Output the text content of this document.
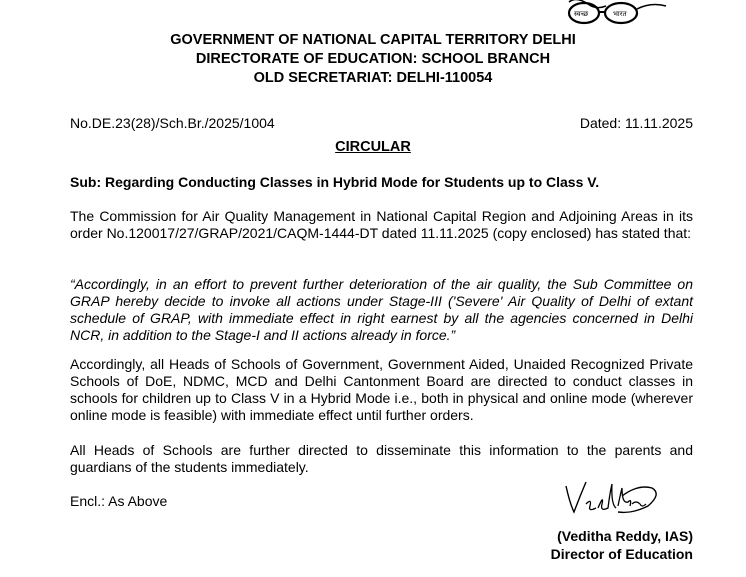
स्वच्छ	भारत
GOVERNMENT OF NATIONAL CAPITAL TERRITORY DELHI
DIRECTORATE OF EDUCATION: SCHOOL BRANCH
OLD SECRETARIAT: DELHI-110054
No.DE.23(28)/Sch.Br./2025/1004	Dated: 11.11.2025
CIRCULAR
Sub: Regarding Conducting Classes in Hybrid Mode for Students up to Class V.
The Commission for Air Quality Management in National Capital Region and Adjoining Areas in its order No.120017/27/GRAP/2021/CAQM-1444-DT dated 11.11.2025 (copy enclosed) has stated that:
“Accordingly, in an effort to prevent further deterioration of the air quality, the Sub Committee on GRAP hereby decide to invoke all actions under Stage-III ('Severe' Air Quality of Delhi of extant schedule of GRAP, with immediate effect in right earnest by all the agencies concerned in Delhi NCR, in addition to the Stage-I and II actions already in force.”
Accordingly, all Heads of Schools of Government, Government Aided, Unaided Recognized Private Schools of DoE, NDMC, MCD and Delhi Cantonment Board are directed to conduct classes in schools for children up to Class V in a Hybrid Mode i.e., both in physical and online mode (wherever online mode is feasible) with immediate effect until further orders.
All Heads of Schools are further directed to disseminate this information to the parents and guardians of the students immediately.
Encl.: As Above
(Veditha Reddy, IAS)
Director of Education
